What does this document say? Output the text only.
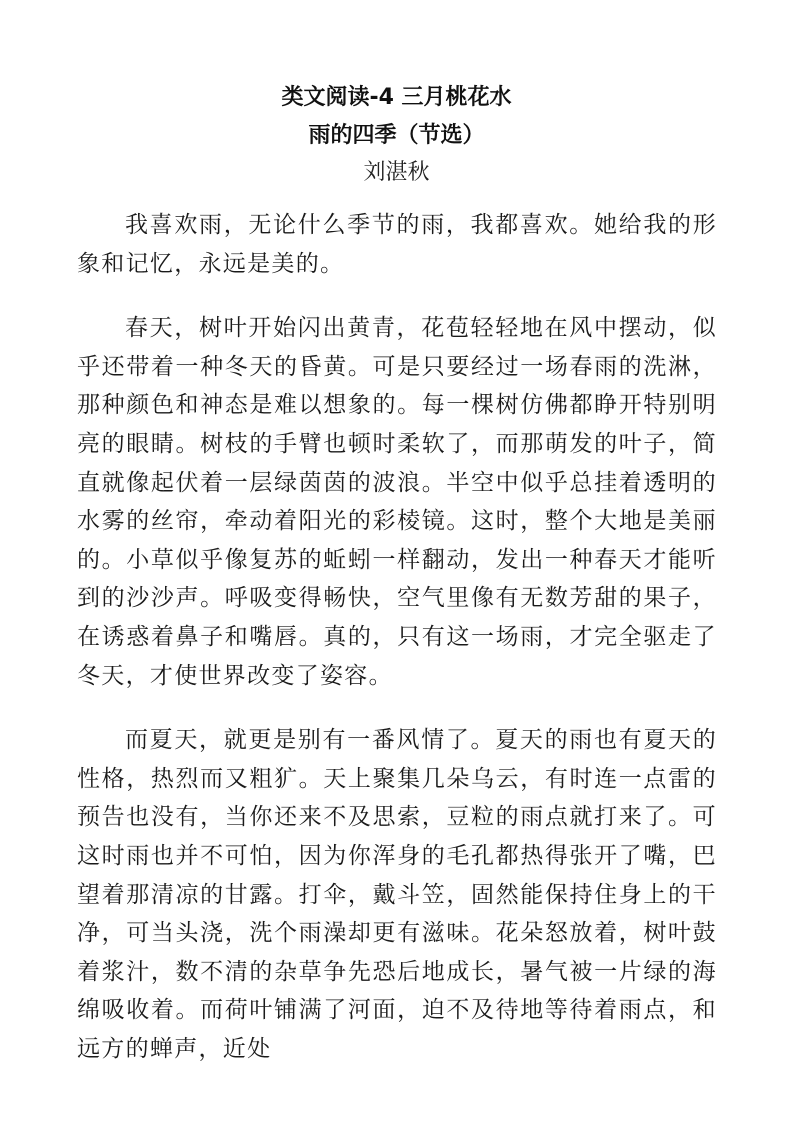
类文阅读-4 三月桃花水
雨的四季（节选）
刘湛秋

我喜欢雨，无论什么季节的雨，我都喜欢。她给我的形象和记忆，永远是美的。

春天，树叶开始闪出黄青，花苞轻轻地在风中摆动，似乎还带着一种冬天的昏黄。可是只要经过一场春雨的洗淋，那种颜色和神态是难以想象的。每一棵树仿佛都睁开特别明亮的眼睛。树枝的手臂也顿时柔软了，而那萌发的叶子，简直就像起伏着一层绿茵茵的波浪。半空中似乎总挂着透明的水雾的丝帘，牵动着阳光的彩棱镜。这时，整个大地是美丽的。小草似乎像复苏的蚯蚓一样翻动，发出一种春天才能听到的沙沙声。呼吸变得畅快，空气里像有无数芳甜的果子，在诱惑着鼻子和嘴唇。真的，只有这一场雨，才完全驱走了冬天，才使世界改变了姿容。

而夏天，就更是别有一番风情了。夏天的雨也有夏天的性格，热烈而又粗犷。天上聚集几朵乌云，有时连一点雷的预告也没有，当你还来不及思索，豆粒的雨点就打来了。可这时雨也并不可怕，因为你浑身的毛孔都热得张开了嘴，巴望着那清凉的甘露。打伞，戴斗笠，固然能保持住身上的干净，可当头浇，洗个雨澡却更有滋味。花朵怒放着，树叶鼓着浆汁，数不清的杂草争先恐后地成长，暑气被一片绿的海绵吸收着。而荷叶铺满了河面，迫不及待地等待着雨点，和远方的蝉声，近处
